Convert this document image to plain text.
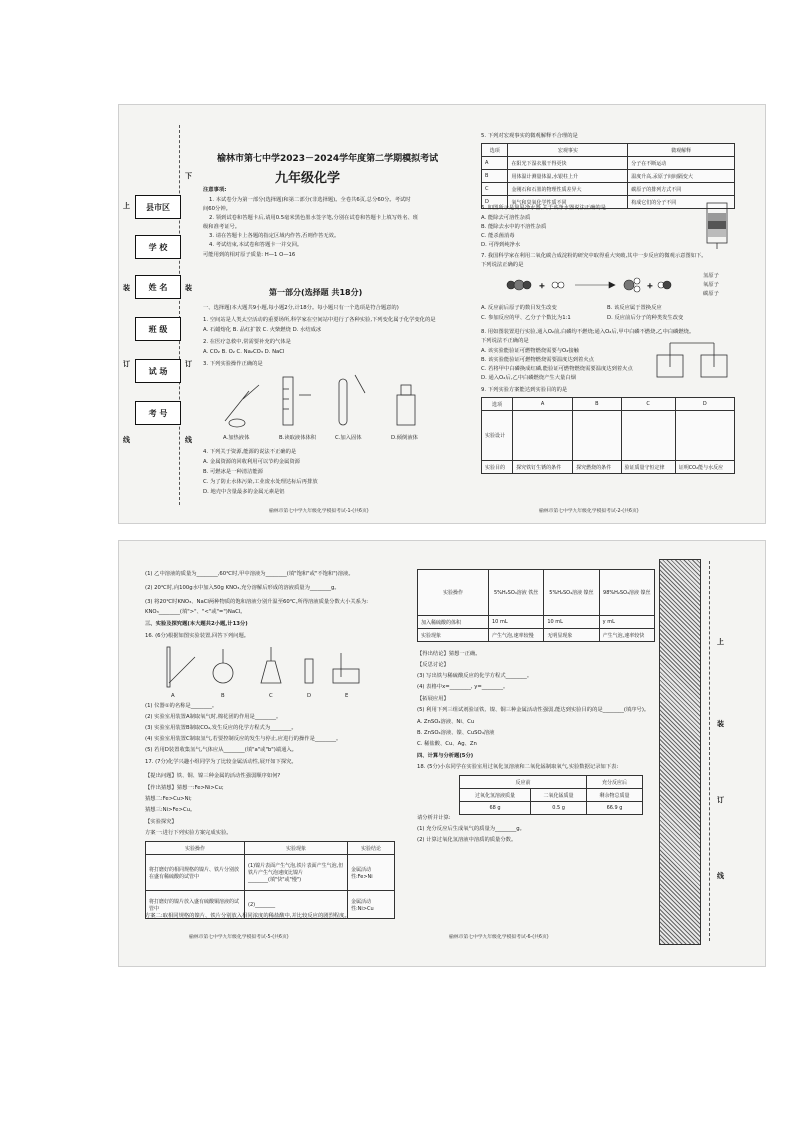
上
装
订
线
下
装
订
线
县市区
学 校
姓 名
班 级
试 场
考 号
榆林市第七中学2023－2024学年度第二学期模拟考试
九年级化学
注意事项:
1. 本试卷分为第一部分(选择题)和第二部分(非选择题)。全卷共6页,总分60分。考试时
间60分钟。
2. 领到试卷和答题卡后,请用0.5毫米黑色墨水签字笔,分别在试卷和答题卡上填写姓名、班
级和准考证号。
3. 请在答题卡上各题的指定区域内作答,否则作答无效。
4. 考试结束,本试卷和答题卡一并交回。
可能用到的相对原子质量: H—1 O—16
第一部分(选择题 共18分)
一、选择题(本大题共9小题,每小题2分,计18分。每小题只有一个选项是符合题意的)
1. 空间站是人类太空活动的重要场所,科学家在空间站中进行了各种实验,下列变化属于化学变化的是
A. 石蜡熔化 B. 品红扩散 C. 火柴燃烧 D. 水结成冰
2. 在医疗急救中,常需要补充的气体是
A. CO₂ B. O₂ C. Na₂CO₃ D. NaCl
3. 下列实验操作正确的是
A.加热液体	B.读取液体体积	C.加入固体	D.倾倒液体
4. 下列关于资源,能源的说法不正确的是
A. 金属资源的回收利用可以节约金属资源
B. 可燃冰是一种清洁能源
C. 为了防止水体污染,工业废水处理达标后再排放
D. 地壳中含量最多的金属元素是铝
榆林市第七中学九年级化学模拟考试-1-(共6页)
5. 下列对宏观事实的微观解释不合理的是
选项	宏观事实	微观解释
A	在阳光下湿衣服干得更快	分子在不断运动
B	用体温计测量体温,水银柱上升	温度升高,汞原子间间隔变大
C	金刚石和石墨的物理性质差异大	碳原子的排列方式不同
D	氧气和臭氧化学性质不同	构成它们的分子不同
6. 如图所示是简易净水器,关于该净水器说法正确的是
A. 能除去可溶性杂质
B. 能除去水中的不溶性杂质
C. 能杀菌消毒
D. 可得到纯净水
7. 我国科学家在利用二氧化碳合成淀粉的研究中取得重大突破,其中一步反应的微观示意图如下。
下列说法正确的是
+	+
氢原子
氧原子
碳原子
A. 反应前后原子的数目发生改变	B. 该反应属于置换反应
C. 参加反应的甲、乙分子个数比为1:1	D. 反应前后分子的种类发生改变
8. 用如图装置进行实验,通入O₂前,白磷均不燃烧;通入O₂后,甲中白磷不燃烧,乙中白磷燃烧。
下列说法不正确的是
A. 该实验能验证可燃物燃烧需要与O₂接触
B. 该实验能验证可燃物燃烧需要温度达到着火点
C. 若将甲中白磷换成红磷,能验证可燃物燃烧需要温度达到着火点
D. 通入O₂后,乙中白磷燃烧产生大量白烟
9. 下列实验方案能达到实验目的的是
选项	A	B	C	D
实验设计				
实验目的	探究铁钉生锈的条件	探究燃烧的条件	验证质量守恒定律	证明CO₂能与水反应
榆林市第七中学九年级化学模拟考试-2-(共6页)
(1) 乙中溶液的质量为________,60℃时,甲中溶液为________(填"饱和"或"不饱和")溶液。
(2) 20℃时,向100g水中加入50g KNO₃,充分溶解后形成的溶液质量为________g。
(3) 将20℃时KNO₃、NaCl两种物质的饱和溶液分别升温至60℃,所得溶液质量分数大小关系为:
KNO₃________(填">"、"<"或"=")NaCl。
三、实验及探究题(本大题共2小题,计13分)
16. (6分)根据如图实验装置,回答下列问题。
A	B	C	D	E
(1) 仪器①的名称是________。
(2) 实验室用装置A制取氧气时,棉花团的作用是________。
(3) 实验室用装置B制取CO₂,发生反应的化学方程式为________。
(4) 实验室用装置C制取氢气,若要控制反应的发生与停止,应进行的操作是________。
(5) 若用D装置收集氢气,气体应从________(填"a"或"b")端通入。
17. (7分)化学兴趣小组同学为了比较金属活动性,展开如下探究。
【提出问题】铁、铜、镍三种金属的活动性强弱顺序如何?
【作出猜想】猜想一:Fe>Ni>Cu;
猜想二:Fe>Cu>Ni;
猜想三:Ni>Fe>Cu。
【实验探究】
方案一:进行下列实验方案完成实验。
实验操作	实验现象	实验结论
将打磨好的相同规格的镍片、铁片分别放在盛有稀硫酸的试管中	(1)镍片表面产生气泡,铁片表面产生气泡,但铁片产生气泡速度比镍片________(填"快"或"慢")	金属活动性:Fe>Ni
将打磨好的镍片放入盛有硫酸铜溶液的试管中	(2)________	金属活动性:Ni>Cu
方案二:取相同规格的镍片、铁片分别放入相同浓度的稀盐酸中,并比较反应的剧烈程度。
榆林市第七中学九年级化学模拟考试-5-(共6页)
实验操作	5%H₂SO₄溶液 铁丝	5%H₂SO₄溶液 镍丝	98%H₂SO₄溶液 镍丝
加入稀硫酸的体积	10 mL	10 mL	y mL
实验现象	产生气泡,速率较慢	无明显现象	产生气泡,速率较快
【得出结论】猜想一正确。
【反思讨论】
(3) 写出铁与稀硫酸反应的化学方程式________。
(4) 表格中x=________, y=________。
【拓展应用】
(5) 利用下列三组试剂验证铁、镍、铜三种金属活动性强弱,能达到实验目的的是________(填序号)。
A. ZnSO₄溶液、Ni、Cu
B. ZnSO₄溶液、镍、CuSO₄溶液
C. 稀盐酸、Cu、Ag、Zn
四、计算与分析题(5分)
18. (5分)小东同学在实验室用过氧化氢溶液和二氧化锰制取氧气,实验数据记录如下表:
反应前		充分反应后
过氧化氢溶液质量	二氧化锰质量	剩余物总质量
68 g	0.5 g	66.9 g
请分析并计算:
(1) 充分反应后生成氧气的质量为________g。
(2) 计算过氧化氢溶液中溶质的质量分数。
榆林市第七中学九年级化学模拟考试-6-(共6页)
上
装
订
线
